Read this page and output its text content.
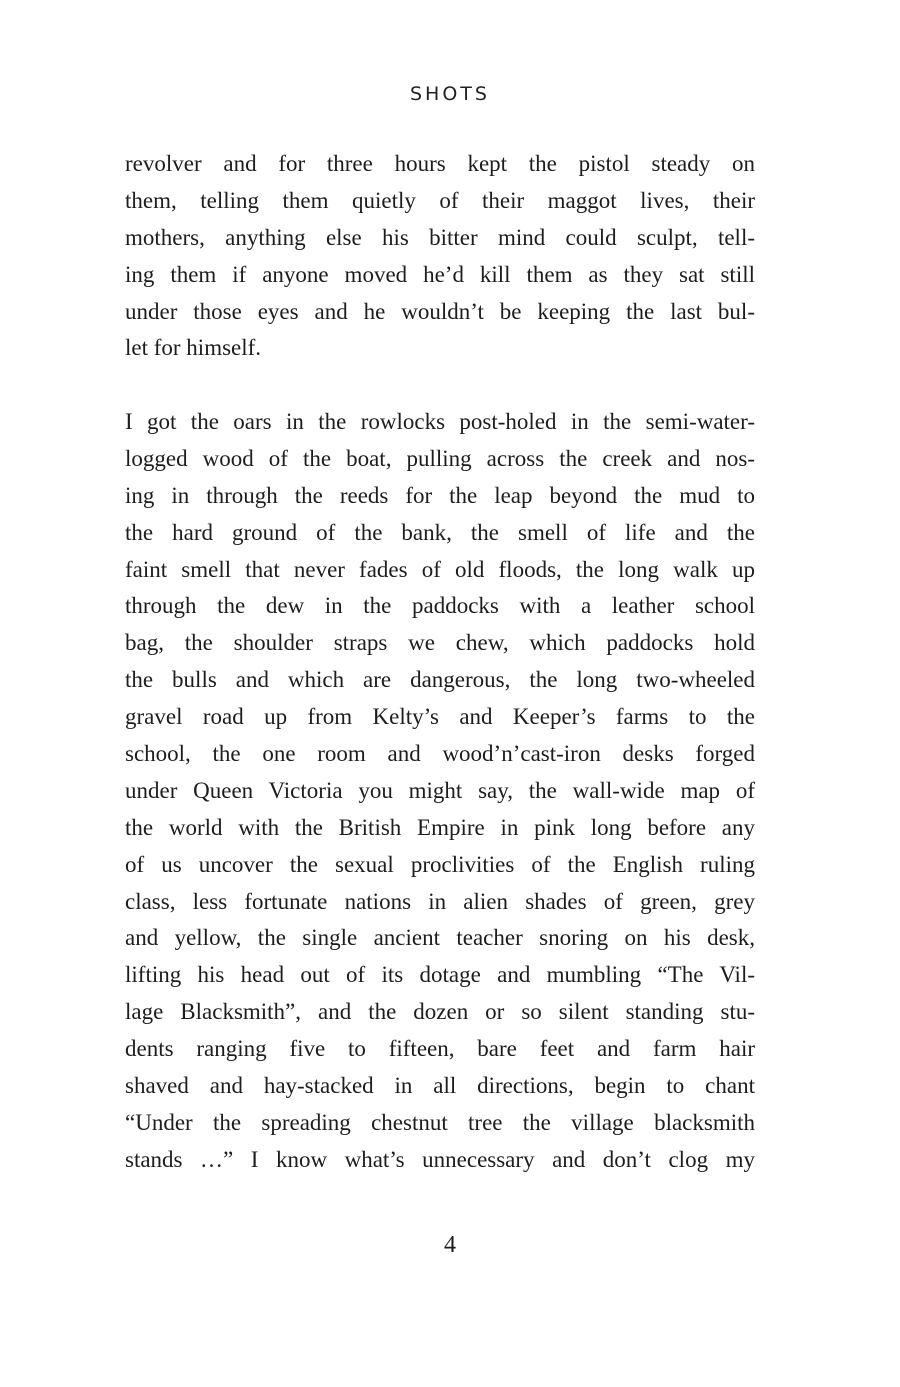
SHOTS

revolver and for three hours kept the pistol steady on
them, telling them quietly of their maggot lives, their
mothers, anything else his bitter mind could sculpt, tell-
ing them if anyone moved he’d kill them as they sat still
under those eyes and he wouldn’t be keeping the last bul-
let for himself.
I got the oars in the rowlocks post-holed in the semi-water-
logged wood of the boat, pulling across the creek and nos-
ing in through the reeds for the leap beyond the mud to
the hard ground of the bank, the smell of life and the
faint smell that never fades of old floods, the long walk up
through the dew in the paddocks with a leather school
bag, the shoulder straps we chew, which paddocks hold
the bulls and which are dangerous, the long two-wheeled
gravel road up from Kelty’s and Keeper’s farms to the
school, the one room and wood’n’cast-iron desks forged
under Queen Victoria you might say, the wall-wide map of
the world with the British Empire in pink long before any
of us uncover the sexual proclivities of the English ruling
class, less fortunate nations in alien shades of green, grey
and yellow, the single ancient teacher snoring on his desk,
lifting his head out of its dotage and mumbling “The Vil-
lage Blacksmith”, and the dozen or so silent standing stu-
dents ranging five to fifteen, bare feet and farm hair
shaved and hay-stacked in all directions, begin to chant
“Under the spreading chestnut tree the village blacksmith
stands …” I know what’s unnecessary and don’t clog my

4
